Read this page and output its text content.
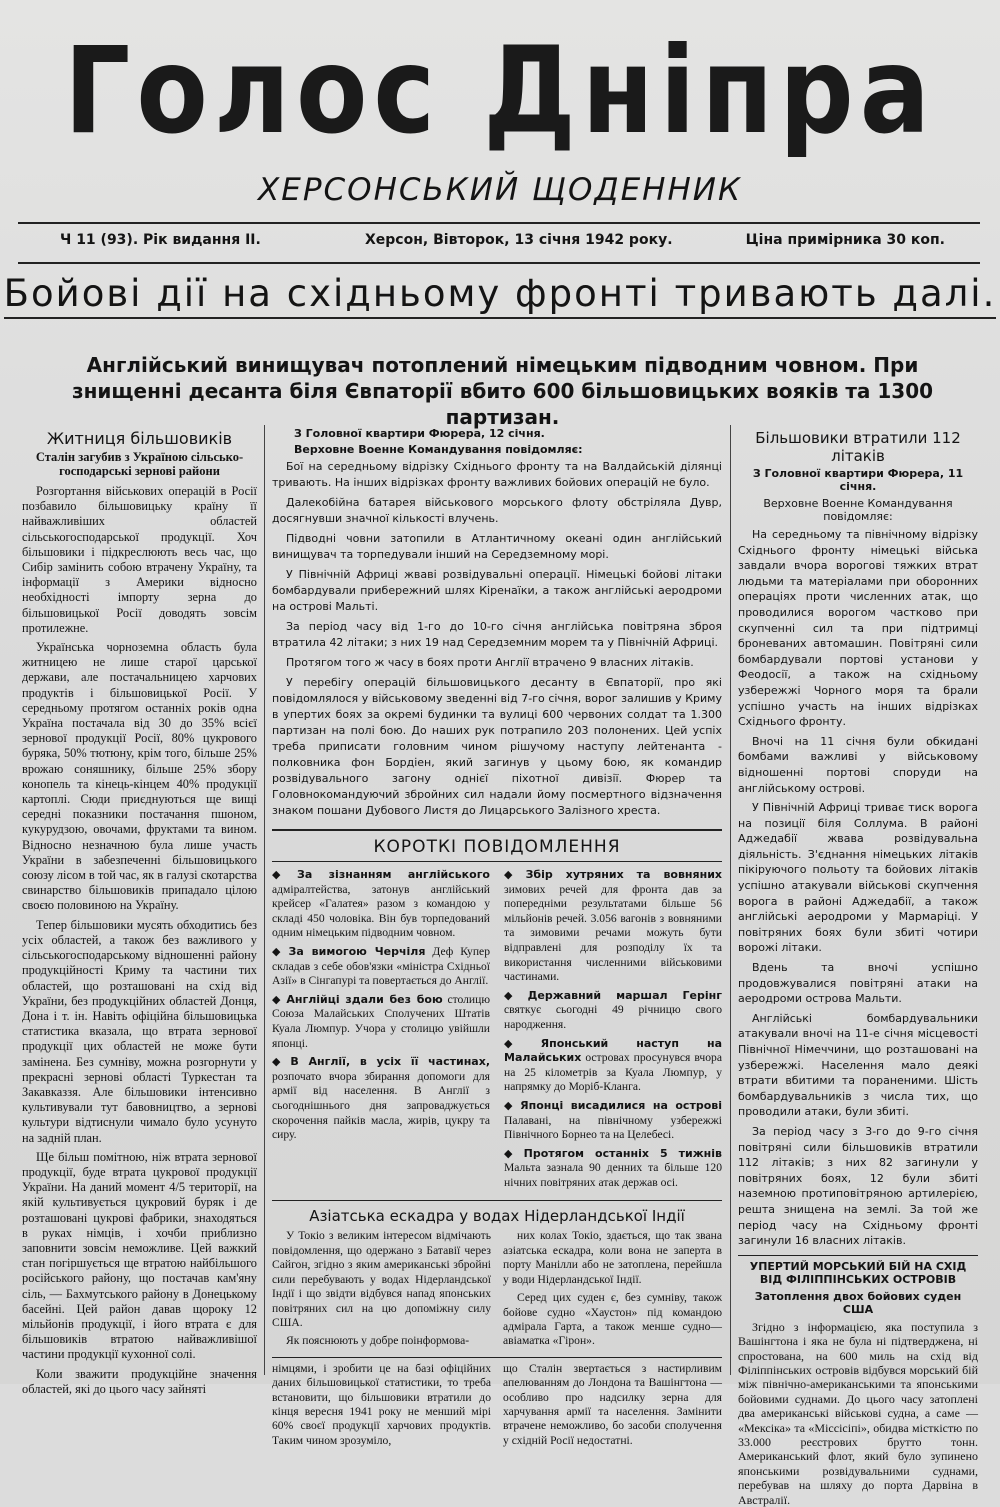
Голос Дніпра
ХЕРСОНСЬКИЙ ЩОДЕННИК
Ч 11 (93). Рік видання II.	Херсон, Вівторок, 13 січня 1942 року.	Ціна примірника 30 коп.
Бойові дії на східньому фронті тривають далі.
Англійський винищувач потоплений німецьким підводним човном. При знищенні десанта біля Євпаторії вбито 600 більшовицьких вояків та 1300 партизан.
Житниця більшовиків
Сталін загубив з Україною сільсько-господарські зернові райони

Розгортання військових операцій в Росії позбавило більшовицьку країну її найважливіших областей сільськогосподарської продукції. Хоч більшовики і підкреслюють весь час, що Сибір замінить собою втрачену Україну, та інформації з Америки відносно необхідності імпорту зерна до більшовицької Росії доводять зовсім протилежне.

Українська чорноземна область була житницею не лише старої царської держави, але постачальницею харчових продуктів і більшовицької Росії. У середньому протягом останніх років одна Україна постачала від 30 до 35% всієї зернової продукції Росії, 80% цукрового буряка, 50% тютюну, крім того, більше 25% врожаю соняшнику, більше 25% збору конопель та кінець-кінцем 40% продукції картоплі. Сюди приєднуються ще вищі середні показники постачання пшоном, кукурудзою, овочами, фруктами та вином. Відносно незначною була лише участь України в забезпеченні більшовицького союзу лісом в той час, як в галузі скотарства свинарство більшовиків припадало цілою своєю половиною на Україну.

Тепер більшовики мусять обходитись без усіх областей, а також без важливого у сільськогосподарському відношенні району продукційності Криму та частини тих областей, що розташовані на схід від України, без продукційних областей Донця, Дона і т. ін. Навіть офіційна більшовицька статистика вказала, що втрата зернової продукції цих областей не може бути замінена. Без сумніву, можна розгорнути у прекрасні зернові області Туркестан та Закавказзя. Але більшовики інтенсивно культивували тут бавовництво, а зернові культури відтиснули чимало було усунуто на задній план.

Ще більш помітною, ніж втрата зернової продукції, буде втрата цукрової продукції України. На даний момент 4/5 території, на якій культивується цукровий буряк і де розташовані цукрові фабрики, знаходяться в руках німців, і хочби приблизно заповнити зовсім неможливе. Цей важкий стан погіршується ще втратою найбільшого російського району, що постачав кам'яну сіль, — Бахмутського району в Донецькому басейні. Цей район давав щороку 12 мільйонів продукції, і його втрата є для більшовиків втратою найважливішої частини продукції кухонної солі.

Коли зважити продукційне значення областей, які до цього часу зайняті

З Головної квартири Фюрера, 12 січня.
Верховне Военне Командування повідомляє:

Бої на середньому відрізку Східнього фронту та на Валдайській ділянці тривають. На інших відрізках фронту важливих бойових операцій не було.

Далекобійна батарея військового морського флоту обстріляла Дувр, досягнувши значної кількості влучень.

Підводні човни затопили в Атлантичному океані один англійський винищувач та торпедували інший на Середземному морі.

У Північній Африці жваві розвідувальні операції. Німецькі бойові літаки бомбардували прибережний шлях Кіренаїки, а також англійські аеродроми на острові Мальті.

За період часу від 1-го до 10-го січня англійська повітряна зброя втратила 42 літаки; з них 19 над Середземним морем та у Північній Африці.

Протягом того ж часу в боях проти Англії втрачено 9 власних літаків.

У перебігу операцій більшовицького десанту в Євпаторії, про які повідомлялося у військовому зведенні від 7-го січня, ворог залишив у Криму в упертих боях за окремі будинки та вулиці 600 червоних солдат та 1.300 партизан на полі бою. До наших рук потрапило 203 полонених. Цей успіх треба приписати головним чином рішучому наступу лейтенанта - полковника фон Бордіен, який загинув у цьому бою, як командир розвідувального загону однієї піхотної дивізії. Фюрер та Головнокомандуючий збройних сил надали йому посмертного відзначення знаком пошани Дубового Листя до Лицарського Залізного хреста.

КОРОТКІ ПОВІДОМЛЕННЯ

◆ За зізнанням англійського адміралтейства, затонув англійський крейсер «Галатея» разом з командою у складі 450 чоловіка. Він був торпедований одним німецьким підводним човном.

◆ За вимогою Черчіля Деф Купер складав з себе обов'язки «міністра Східньої Азії» в Сінгапурі та повертається до Англії.

◆ Англійці здали без бою столицю Союза Малайських Сполучених Штатів Куала Люмпур. Учора у столицю увійшли японці.

◆ В Англії, в усіх її частинах, розпочато вчора збирання допомоги для армії від населення. В Англії з сьогоднішнього дня запроваджується скорочення пайків масла, жирів, цукру та сиру.

◆ Збір хутряних та вовняних зимових речей для фронта дав за попередніми результатами більше 56 мільйонів речей. 3.056 вагонів з вовняними та зимовими речами можуть бути відправлені для розподілу їх та використання численними військовими частинами.

◆ Державний маршал Герінг святкує сьогодні 49 річницю свого народження.

◆ Японський наступ на Малайських островах просунувся вчора на 25 кілометрів за Куала Люмпур, у напрямку до Моріб-Кланга.

◆ Японці висадилися на острові Палавані, на північному узбережжі Північного Борнео та на Целебесі.

◆ Протягом останніх 5 тижнів Мальта зазнала 90 денних та більше 120 нічних повітряних атак держав осі.

Азіатська ескадра у водах Нідерландської Індії

У Токіо з великим інтересом відмічають повідомлення, що одержано з Батавії через Сайгон, згідно з яким американські збройні сили перебувають у водах Нідерландської Індії і що звідти відбувся напад японських повітряних сил на цю допоміжну силу США.

Як пояснюють у добре поінформова-

них колах Токіо, здається, що так звана азіатська ескадра, коли вона не заперта в порту Манілли або не затоплена, перейшла у води Нідерландської Індії.

Серед цих суден є, без сумніву, також бойове судно «Хаустон» під командою адмірала Гарта, а також менше судно—авіаматка «Гірон».

німцями, і зробити це на базі офіційних даних більшовицької статистики, то треба встановити, що більшовики втратили до кінця вересня 1941 року не менший мірі 60% своєї продукції харчових продуктів. Таким чином зрозуміло,

що Сталін звертається з настирливим апелюванням до Лондона та Вашінгтона — особливо про надсилку зерна для харчування армії та населення. Замінити втрачене неможливо, бо засоби сполучення у східній Росії недостатні.

Більшовики втратили 112 літаків
З Головної квартири Фюрера, 11 січня.
Верховне Военне Командування повідомляє:

На середньому та північному відрізку Східнього фронту німецькі війська завдали вчора ворогові тяжких втрат людьми та матеріалами при оборонних операціях проти численних атак, що проводилися ворогом частково при скупченні сил та при підтримці броневаних автомашин. Повітряні сили бомбардували портові установи у Феодосії, а також на східньому узбережжі Чорного моря та брали успішно участь на інших відрізках Східнього фронту.

Вночі на 11 січня були обкидані бомбами важливі у військовому відношенні портові споруди на англійському острові.

У Північній Африці триває тиск ворога на позиції біля Соллума. В районі Аджедабії жвава розвідувальна діяльність. З'єднання німецьких літаків пікіруючого польоту та бойових літаків успішно атакували військові скупчення ворога в районі Аджедабії, а також англійські аеродроми у Мармаріці. У повітряних боях були збиті чотири ворожі літаки.

Вдень та вночі успішно продовжувалися повітряні атаки на аеродроми острова Мальти.

Англійські бомбардувальники атакували вночі на 11-е січня місцевості Північної Німеччини, що розташовані на узбережжі. Населення мало деякі втрати вбитими та пораненими. Шість бомбардувальників з числа тих, що проводили атаки, були збиті.

За період часу з 3-го до 9-го січня повітряні сили більшовиків втратили 112 літаків; з них 82 загинули у повітряних боях, 12 були збиті наземною протиповітряною артилерією, решта знищена на землі. За той же період часу на Східньому фронті загинули 16 власних літаків.

УПЕРТИЙ МОРСЬКИЙ БІЙ НА СХІД ВІД ФІЛІППІНСЬКИХ ОСТРОВІВ
Затоплення двох бойових суден США

Згідно з інформацією, яка поступила з Вашінгтона і яка не була ні підтверджена, ні спростована, на 600 миль на схід від Філіппінських островів відбувся морський бій між північно-американськими та японськими бойовими суднами. До цього часу затоплені два американські військові судна, а саме — «Мексіка» та «Міссісіпі», обидва місткістю по 33.000 реєстрових брутто тонн. Американський флот, який було зупинено японськими розвідувальними суднами, перебував на шляху до порта Дарвіна в Австралії.
